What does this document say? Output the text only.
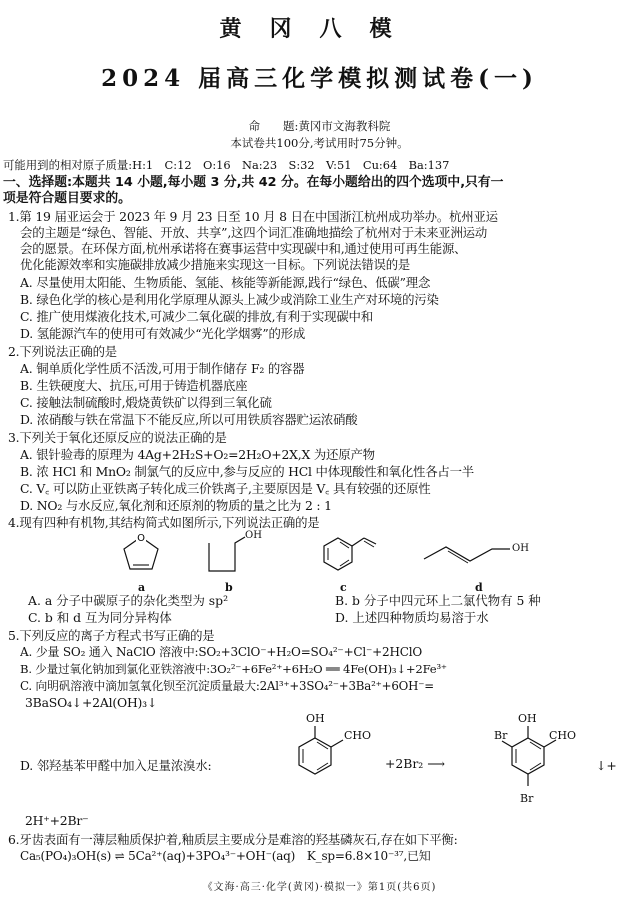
黄冈八模
2024 届高三化学模拟测试卷(一)
命　　题:黄冈市文海教科院
本试卷共100分,考试用时75分钟。
可能用到的相对原子质量:H:1　C:12　O:16　Na:23　S:32　V:51　Cu:64　Ba:137
一、选择题:本题共 14 小题,每小题 3 分,共 42 分。在每小题给出的四个选项中,只有一
项是符合题目要求的。
1.第 19 届亚运会于 2023 年 9 月 23 日至 10 月 8 日在中国浙江杭州成功举办。杭州亚运
会的主题是“绿色、智能、开放、共享”,这四个词汇准确地描绘了杭州对于未来亚洲运动
会的愿景。在环保方面,杭州承诺将在赛事运营中实现碳中和,通过使用可再生能源、
优化能源效率和实施碳排放减少措施来实现这一目标。下列说法错误的是
A. 尽量使用太阳能、生物质能、氢能、核能等新能源,践行“绿色、低碳”理念
B. 绿色化学的核心是利用化学原理从源头上减少或消除工业生产对环境的污染
C. 推广使用煤液化技术,可减少二氧化碳的排放,有利于实现碳中和
D. 氢能源汽车的使用可有效减少“光化学烟雾”的形成
2.下列说法正确的是
A. 铜单质化学性质不活泼,可用于制作储存 F₂ 的容器
B. 生铁硬度大、抗压,可用于铸造机器底座
C. 接触法制硫酸时,煅烧黄铁矿以得到三氧化硫
D. 浓硝酸与铁在常温下不能反应,所以可用铁质容器贮运浓硝酸
3.下列关于氧化还原反应的说法正确的是
A. 银针验毒的原理为 4Ag+2H₂S+O₂=2H₂O+2X,X 为还原产物
B. 浓 HCl 和 MnO₂ 制氯气的反应中,参与反应的 HCl 中体现酸性和氧化性各占一半
C. V꜀ 可以防止亚铁离子转化成三价铁离子,主要原因是 V꜀ 具有较强的还原性
D. NO₂ 与水反应,氧化剂和还原剂的物质的量之比为 2 : 1
4.现有四种有机物,其结构简式如图所示,下列说法正确的是
O
a
OH
b	c
OH
d
A. a 分子中碳原子的杂化类型为 sp²	B. b 分子中四元环上二氯代物有 5 种
C. b 和 d 互为同分异构体	D. 上述四种物质均易溶于水
5.下列反应的离子方程式书写正确的是
A. 少量 SO₂ 通入 NaClO 溶液中:SO₂+3ClO⁻+H₂O=SO₄²⁻+Cl⁻+2HClO
B. 少量过氧化钠加到氯化亚铁溶液中:3O₂²⁻+6Fe²⁺+6H₂O ══ 4Fe(OH)₃↓+2Fe³⁺
C. 向明矾溶液中滴加氢氧化钡至沉淀质量最大:2Al³⁺+3SO₄²⁻+3Ba²⁺+6OH⁻=
3BaSO₄↓+2Al(OH)₃↓
D. 邻羟基苯甲醛中加入足量浓溴水:
OH
CHO
+2Br₂ ⟶
OH
CHO
Br
Br
↓+
2H⁺+2Br⁻
6.牙齿表面有一薄层釉质保护着,釉质层主要成分是难溶的羟基磷灰石,存在如下平衡:
Ca₅(PO₄)₃OH(s) ⇌ 5Ca²⁺(aq)+3PO₄³⁻+OH⁻(aq)　K_sp=6.8×10⁻³⁷,已知
《文海·高三·化学(黄冈)·模拟一》第1页(共6页)
